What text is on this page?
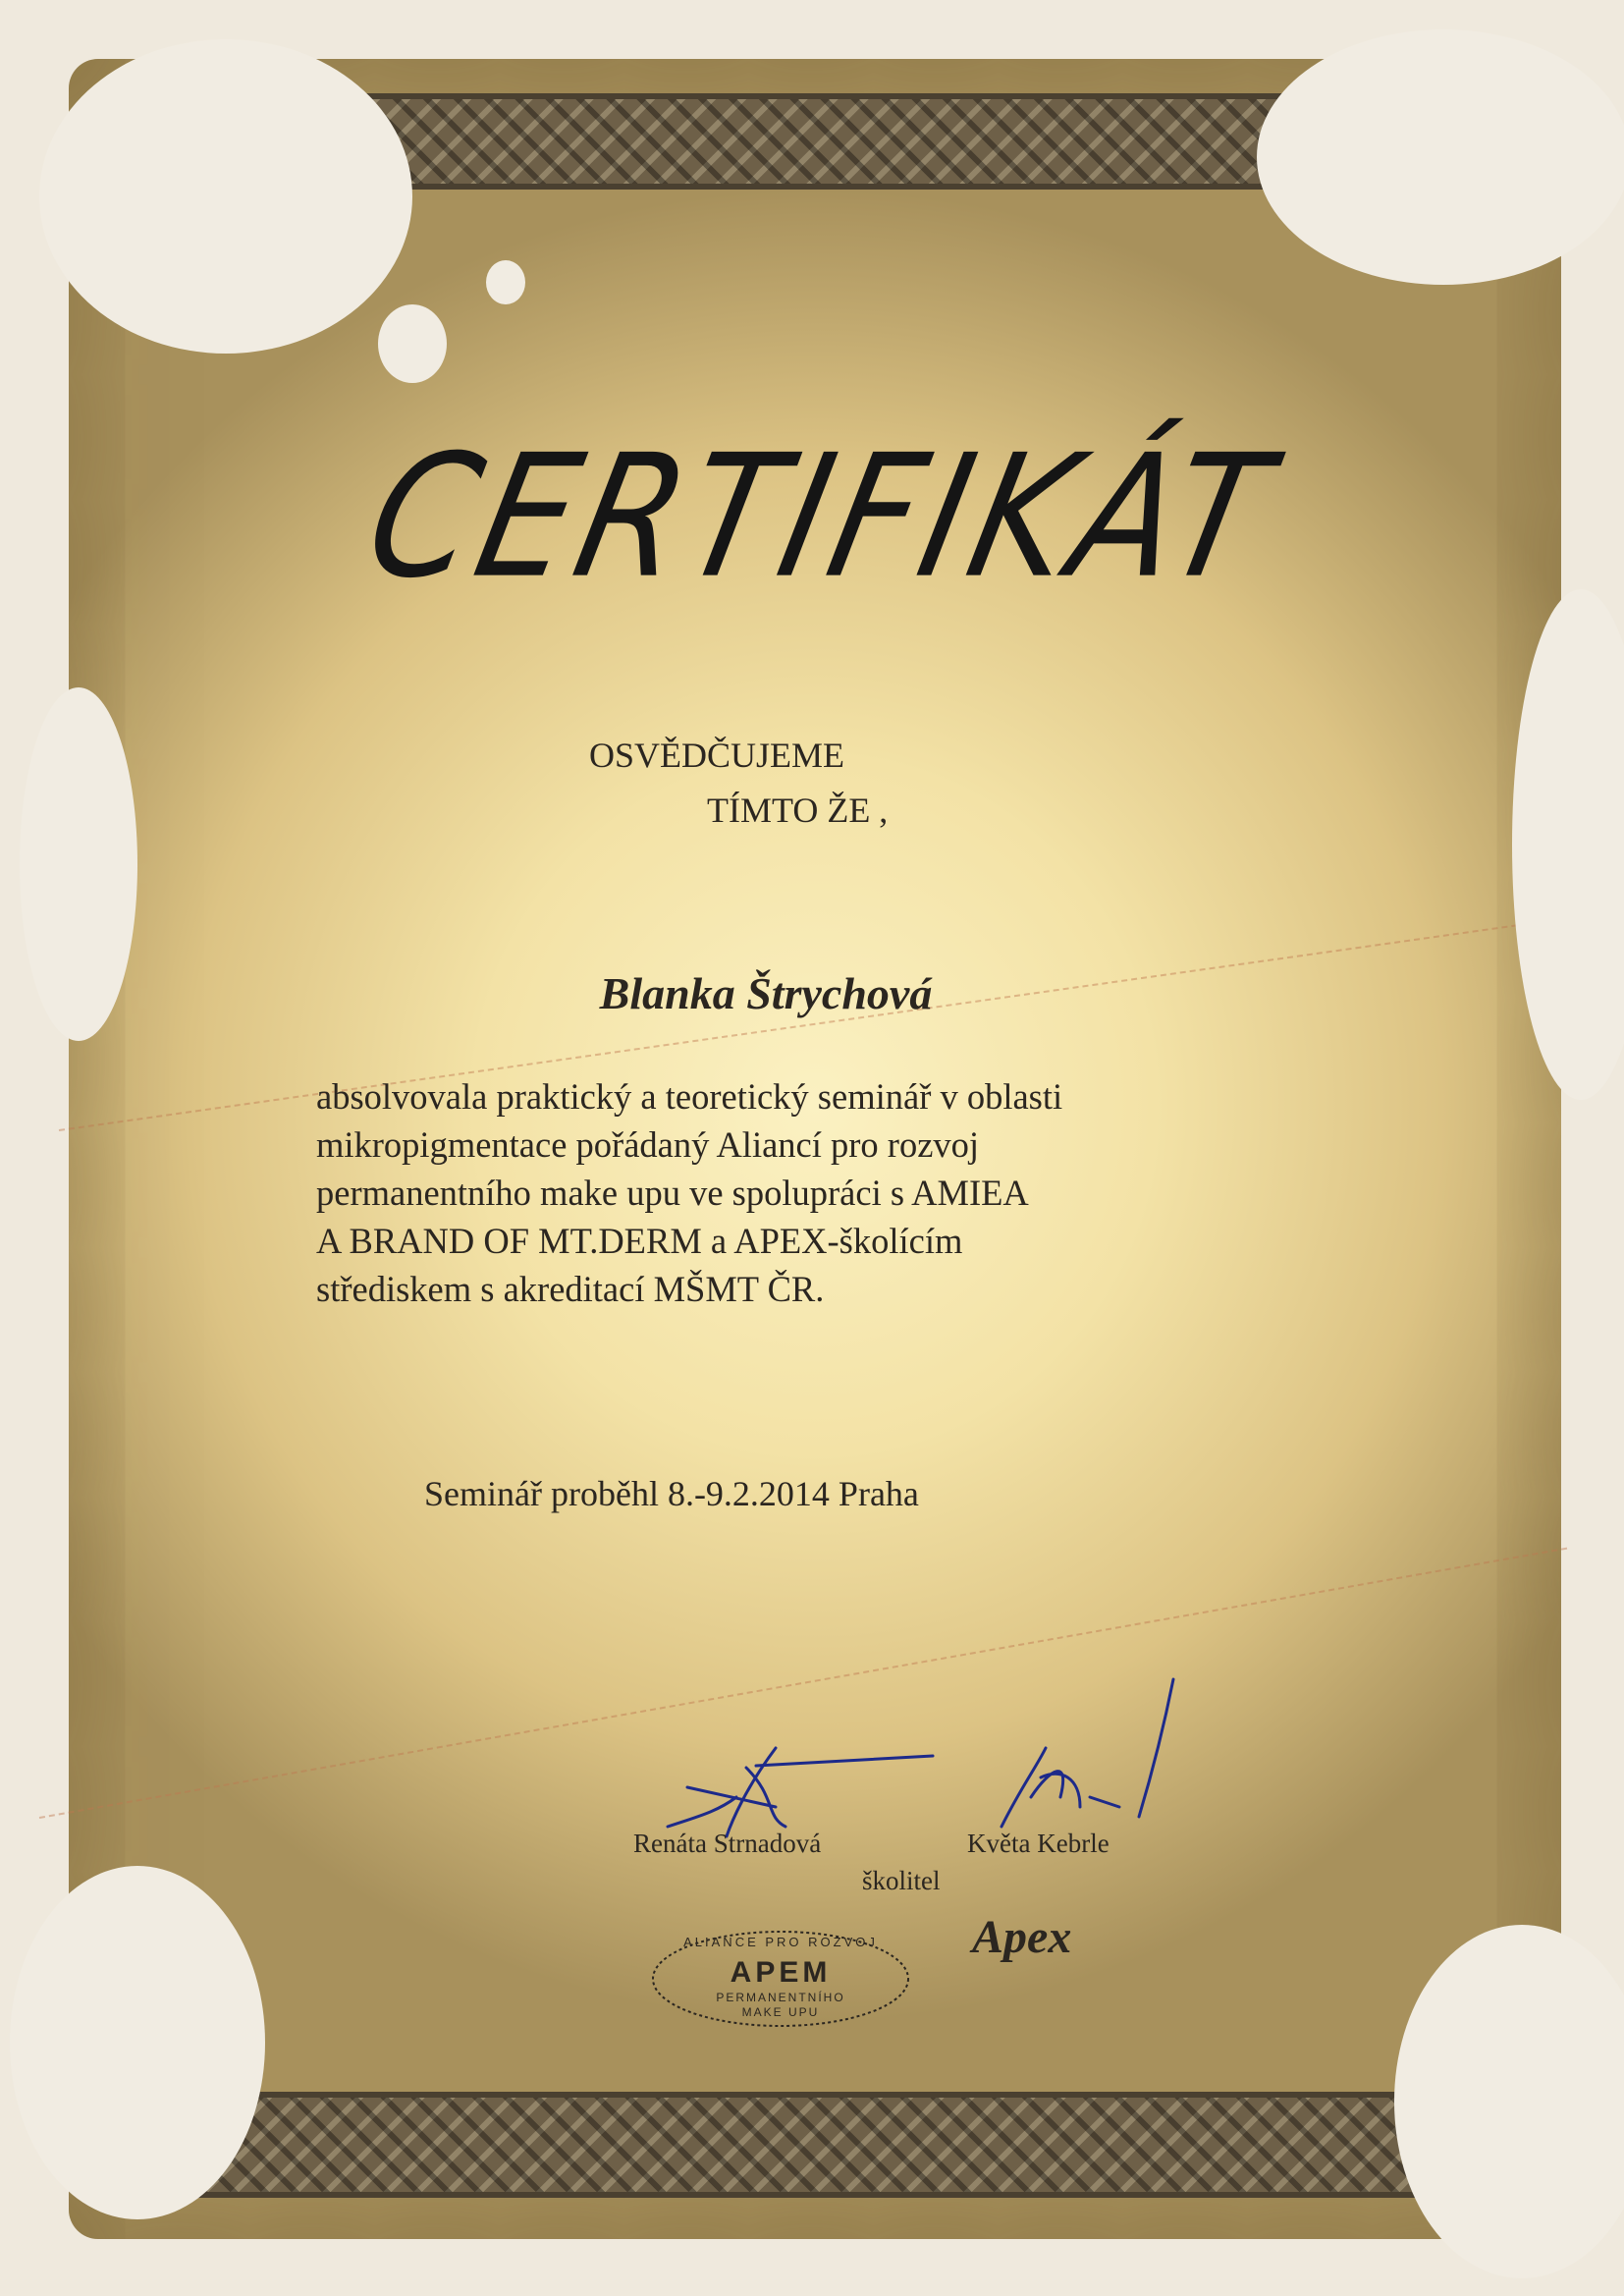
CERTIFIKÁT
OSVĚDČUJEME
TÍMTO ŽE ,
Blanka Štrychová
absolvovala praktický a teoretický seminář v oblasti
mikropigmentace pořádaný Aliancí pro rozvoj
permanentního make upu ve spolupráci s AMIEA
A BRAND OF MT.DERM a APEX-školícím
střediskem s akreditací MŠMT ČR.
Seminář proběhl 8.-9.2.2014 Praha
Renáta Strnadová	Květa Kebrle
školitel
ALIANCE PRO ROZVOJ
APEM
PERMANENTNÍHO
MAKE UPU
Apex
